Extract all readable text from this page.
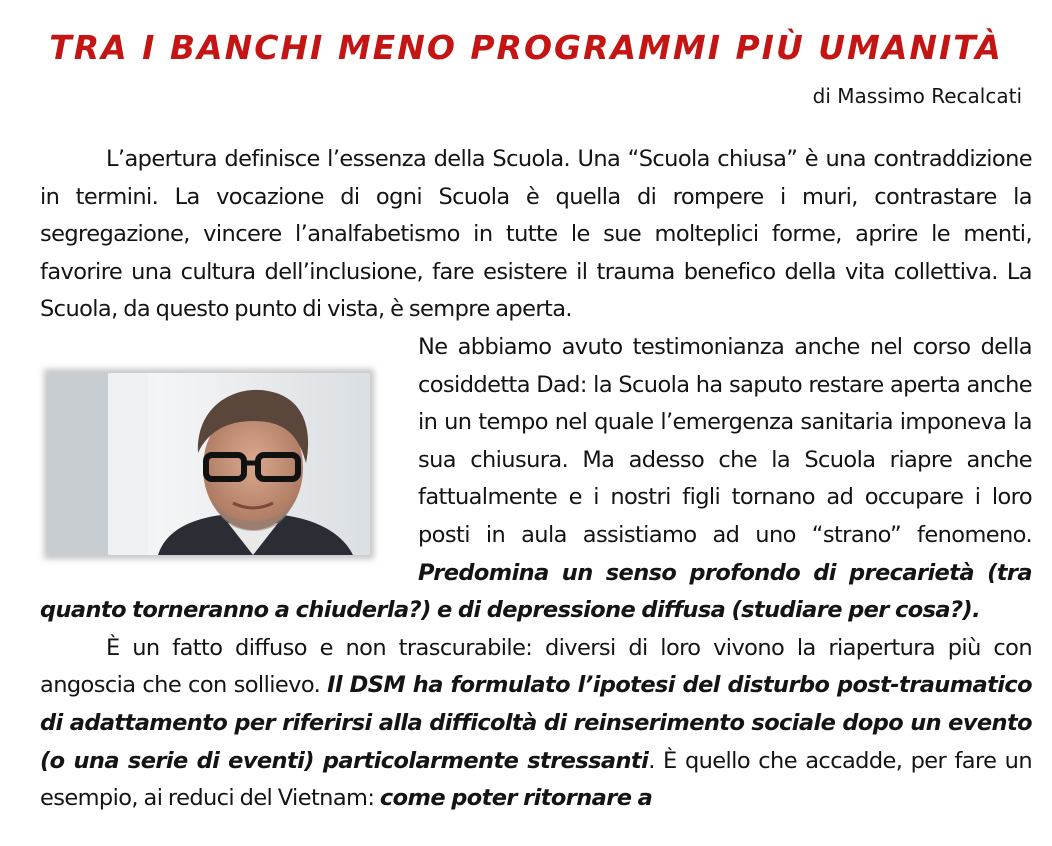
TRA I BANCHI MENO PROGRAMMI PIÙ UMANITÀ
di Massimo Recalcati

L’apertura definisce l’essenza della Scuola. Una “Scuola chiusa” è una contraddizione in termini. La vocazione di ogni Scuola è quella di rompere i muri, contrastare la segregazione, vincere l’analfabetismo in tutte le sue molteplici forme, aprire le menti, favorire una cultura dell’inclusione, fare esistere il trauma benefico della vita collettiva. La Scuola, da questo punto di vista, è sempre aperta.

Ne abbiamo avuto testimonianza anche nel corso della cosiddetta Dad: la Scuola ha saputo restare aperta anche in un tempo nel quale l’emergenza sanitaria imponeva la sua chiusura. Ma adesso che la Scuola riapre anche fattualmente e i nostri figli tornano ad occupare i loro posti in aula assistiamo ad uno “strano” fenomeno. Predomina un senso profondo di precarietà (tra quanto torneranno a chiuderla?) e di depressione diffusa (studiare per cosa?).

È un fatto diffuso e non trascurabile: diversi di loro vivono la riapertura più con angoscia che con sollievo. Il DSM ha formulato l’ipotesi del disturbo post-traumatico di adattamento per riferirsi alla difficoltà di reinserimento sociale dopo un evento (o una serie di eventi) particolarmente stressanti. È quello che accadde, per fare un esempio, ai reduci del Vietnam: come poter ritornare a
